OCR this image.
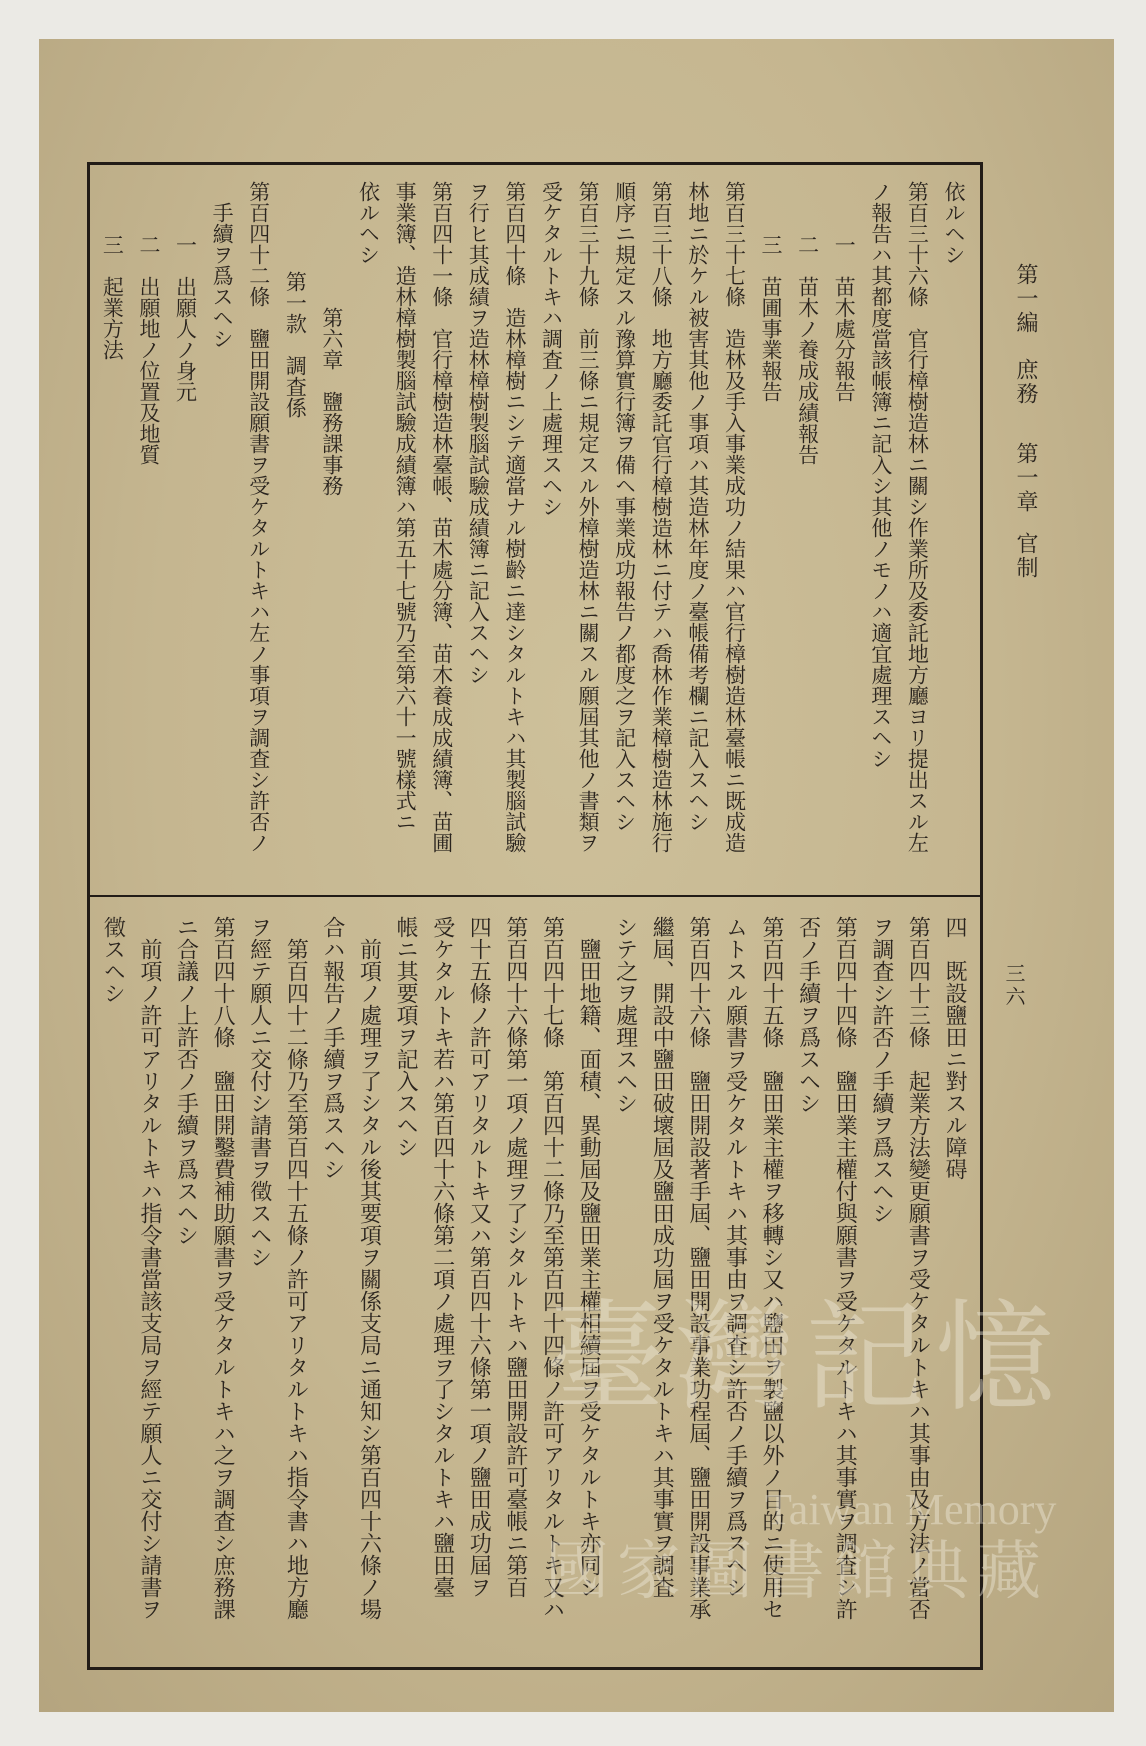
第一編
庶務
第一章
官制
三六
依ルヘシ
第百三十六條　官行樟樹造林ニ關シ作業所及委託地方廳ヨリ提出スル左
ノ報告ハ其都度當該帳簿ニ記入シ其他ノモノハ適宜處理スヘシ
一　苗木處分報告
二　苗木ノ養成成績報告
三　苗圃事業報告
第百三十七條　造林及手入事業成功ノ結果ハ官行樟樹造林臺帳ニ既成造
林地ニ於ケル被害其他ノ事項ハ其造林年度ノ臺帳備考欄ニ記入スヘシ
第百三十八條　地方廳委託官行樟樹造林ニ付テハ喬林作業樟樹造林施行
順序ニ規定スル豫算實行簿ヲ備ヘ事業成功報告ノ都度之ヲ記入スヘシ
第百三十九條　前三條ニ規定スル外樟樹造林ニ關スル願屆其他ノ書類ヲ
受ケタルトキハ調査ノ上處理スヘシ
第百四十條　造林樟樹ニシテ適當ナル樹齡ニ達シタルトキハ其製腦試驗
ヲ行ヒ其成績ヲ造林樟樹製腦試驗成績簿ニ記入スヘシ
第百四十一條　官行樟樹造林臺帳、苗木處分簿、苗木養成成績簿、苗圃
事業簿、造林樟樹製腦試驗成績簿ハ第五十七號乃至第六十一號樣式ニ
依ルヘシ
第六章　鹽務課事務
第一款　調査係
第百四十二條　鹽田開設願書ヲ受ケタルトキハ左ノ事項ヲ調査シ許否ノ
手續ヲ爲スヘシ
一　出願人ノ身元
二　出願地ノ位置及地質
三　起業方法
四　既設鹽田ニ對スル障碍
第百四十三條　起業方法變更願書ヲ受ケタルトキハ其事由及方法ノ當否
ヲ調査シ許否ノ手續ヲ爲スヘシ
第百四十四條　鹽田業主權付與願書ヲ受ケタルトキハ其事實ヲ調査シ許
否ノ手續ヲ爲スヘシ
第百四十五條　鹽田業主權ヲ移轉シ又ハ鹽田ヲ製鹽以外ノ目的ニ使用セ
ムトスル願書ヲ受ケタルトキハ其事由ヲ調査シ許否ノ手續ヲ爲スヘシ
第百四十六條　鹽田開設著手屆、鹽田開設事業功程屆、鹽田開設事業承
繼屆、開設中鹽田破壞屆及鹽田成功屆ヲ受ケタルトキハ其事實ヲ調査
シテ之ヲ處理スヘシ
鹽田地籍、面積、異動屆及鹽田業主權相續屆ヲ受ケタルトキ亦同シ
第百四十七條　第百四十二條乃至第百四十四條ノ許可アリタルトキ又ハ
第百四十六條第一項ノ處理ヲ了シタルトキハ鹽田開設許可臺帳ニ第百
四十五條ノ許可アリタルトキ又ハ第百四十六條第一項ノ鹽田成功屆ヲ
受ケタルトキ若ハ第百四十六條第二項ノ處理ヲ了シタルトキハ鹽田臺
帳ニ其要項ヲ記入スヘシ
前項ノ處理ヲ了シタル後其要項ヲ關係支局ニ通知シ第百四十六條ノ場
合ハ報告ノ手續ヲ爲スヘシ
第百四十二條乃至第百四十五條ノ許可アリタルトキハ指令書ハ地方廳
ヲ經テ願人ニ交付シ請書ヲ徵スヘシ
第百四十八條　鹽田開鑿費補助願書ヲ受ケタルトキハ之ヲ調査シ庶務課
ニ合議ノ上許否ノ手續ヲ爲スヘシ
前項ノ許可アリタルトキハ指令書當該支局ヲ經テ願人ニ交付シ請書ヲ
徵スヘシ
臺灣記憶
Taiwan Memory
國家圖書館典藏
